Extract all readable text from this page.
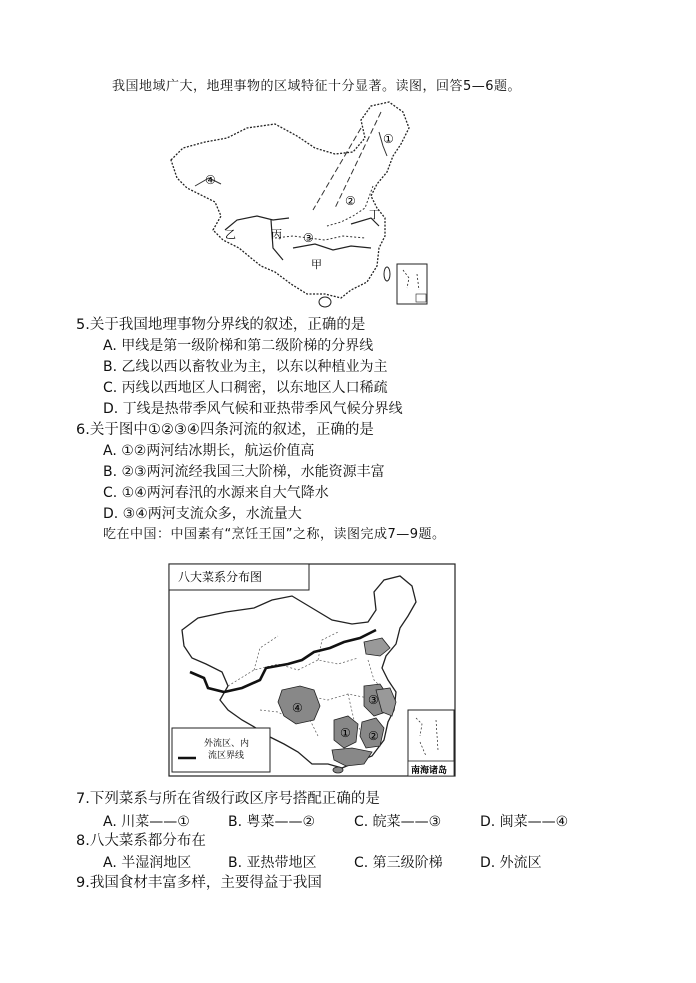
我国地域广大，地理事物的区域特征十分显著。读图，回答5—6题。
①
②
③
④
丁
乙	丙
甲
5.关于我国地理事物分界线的叙述，正确的是
A. 甲线是第一级阶梯和第二级阶梯的分界线
B. 乙线以西以畜牧业为主，以东以种植业为主
C. 丙线以西地区人口稠密，以东地区人口稀疏
D. 丁线是热带季风气候和亚热带季风气候分界线
6.关于图中①②③④四条河流的叙述，正确的是
A. ①②两河结冰期长，航运价值高
B. ②③两河流经我国三大阶梯，水能资源丰富
C. ①④两河春汛的水源来自大气降水
D. ③④两河支流众多，水流量大
吃在中国：中国素有“烹饪王国”之称，读图完成7—9题。
八大菜系分布图
④
① ②
③
外流区、内
流区界线
南海诸岛
7.下列菜系与所在省级行政区序号搭配正确的是
A. 川菜——①	B. 粤菜——②	C. 皖菜——③	D. 闽菜——④
8.八大菜系都分布在
A. 半湿润地区	B. 亚热带地区	C. 第三级阶梯	D. 外流区
9.我国食材丰富多样，主要得益于我国
